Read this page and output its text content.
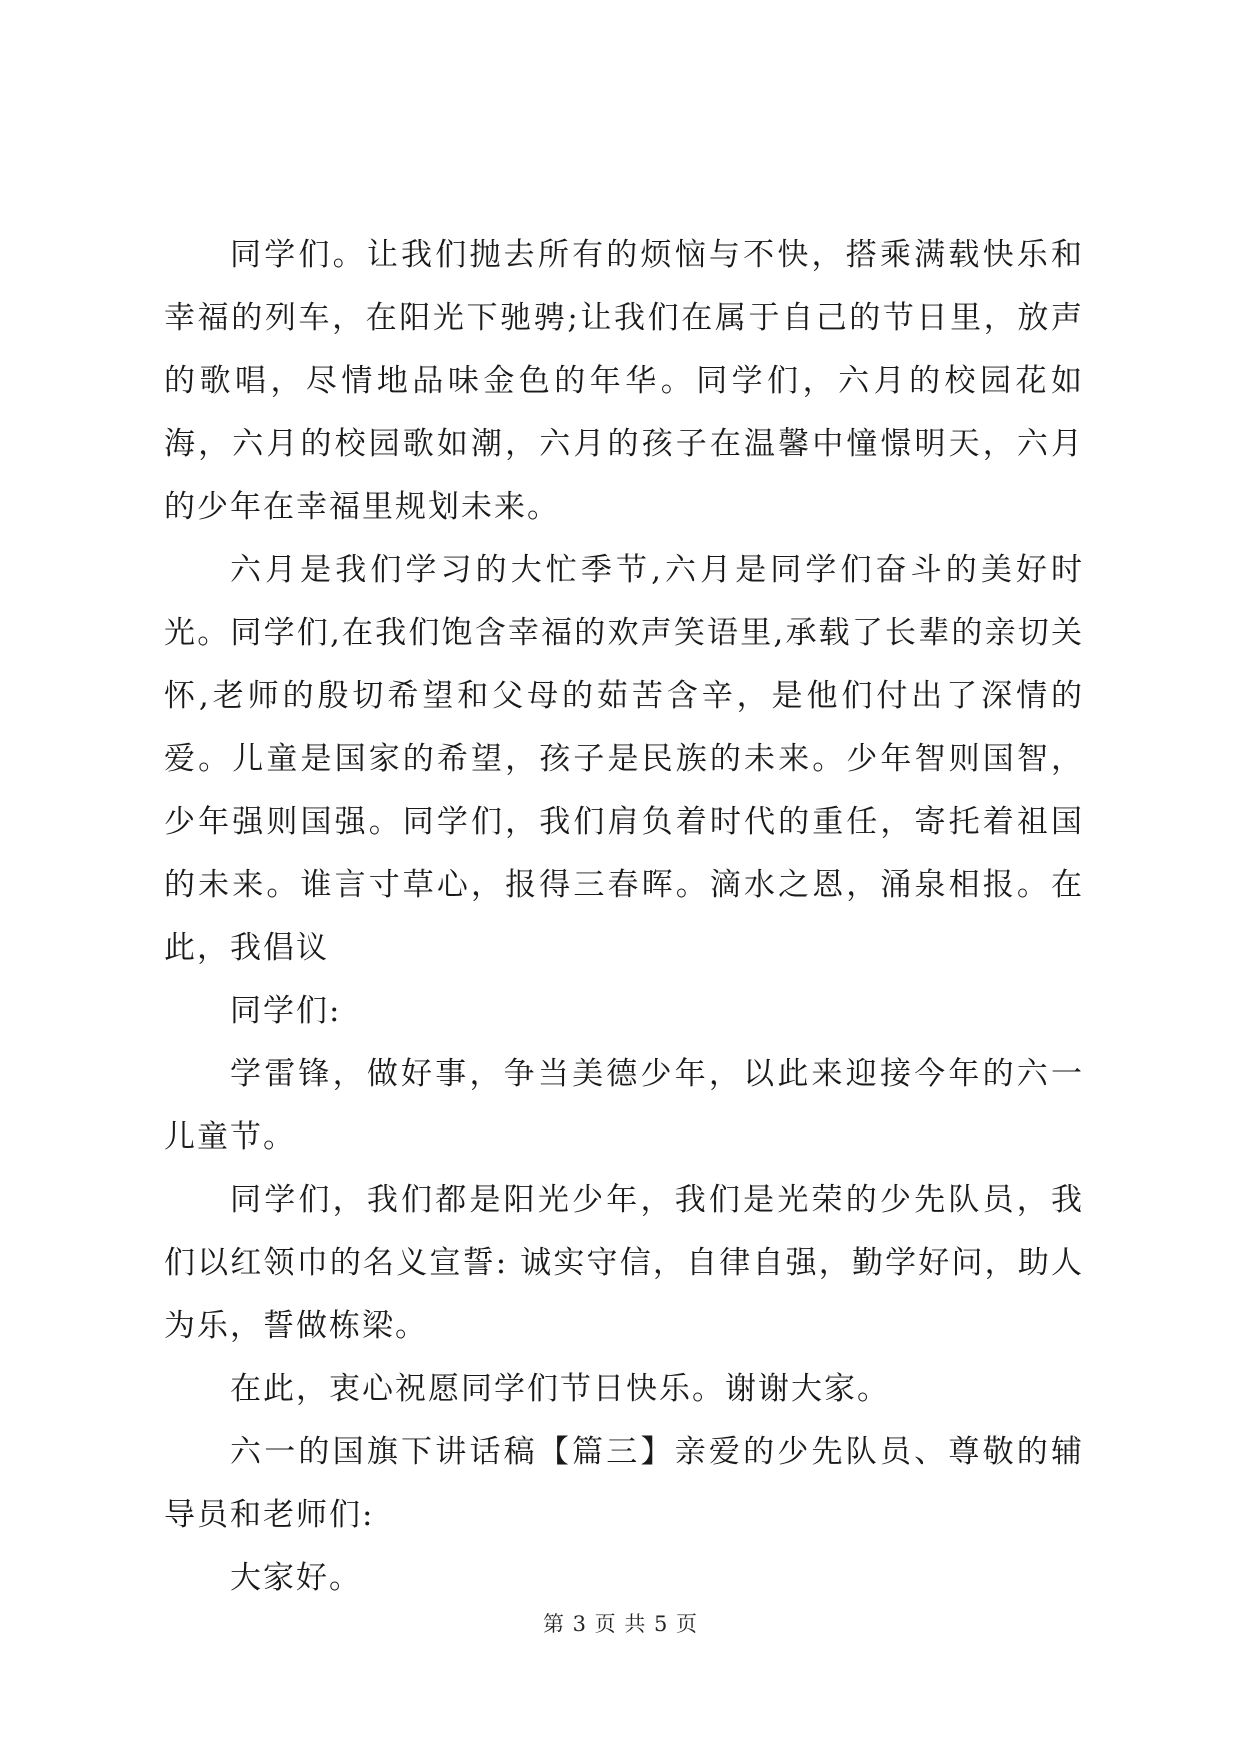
同学们。让我们抛去所有的烦恼与不快，搭乘满载快乐和幸福的列车，在阳光下驰骋;让我们在属于自己的节日里，放声的歌唱，尽情地品味金色的年华。同学们，六月的校园花如海，六月的校园歌如潮，六月的孩子在温馨中憧憬明天，六月的少年在幸福里规划未来。

六月是我们学习的大忙季节,六月是同学们奋斗的美好时光。同学们,在我们饱含幸福的欢声笑语里,承载了长辈的亲切关怀,老师的殷切希望和父母的茹苦含辛，是他们付出了深情的爱。儿童是国家的希望，孩子是民族的未来。少年智则国智，少年强则国强。同学们，我们肩负着时代的重任，寄托着祖国的未来。谁言寸草心，报得三春晖。滴水之恩，涌泉相报。在此，我倡议

同学们:

学雷锋，做好事，争当美德少年，以此来迎接今年的六一儿童节。

同学们，我们都是阳光少年，我们是光荣的少先队员，我们以红领巾的名义宣誓: 诚实守信，自律自强，勤学好问，助人为乐，誓做栋梁。

在此，衷心祝愿同学们节日快乐。谢谢大家。

六一的国旗下讲话稿【篇三】亲爱的少先队员、尊敬的辅导员和老师们:

大家好。

第 3 页 共 5 页
